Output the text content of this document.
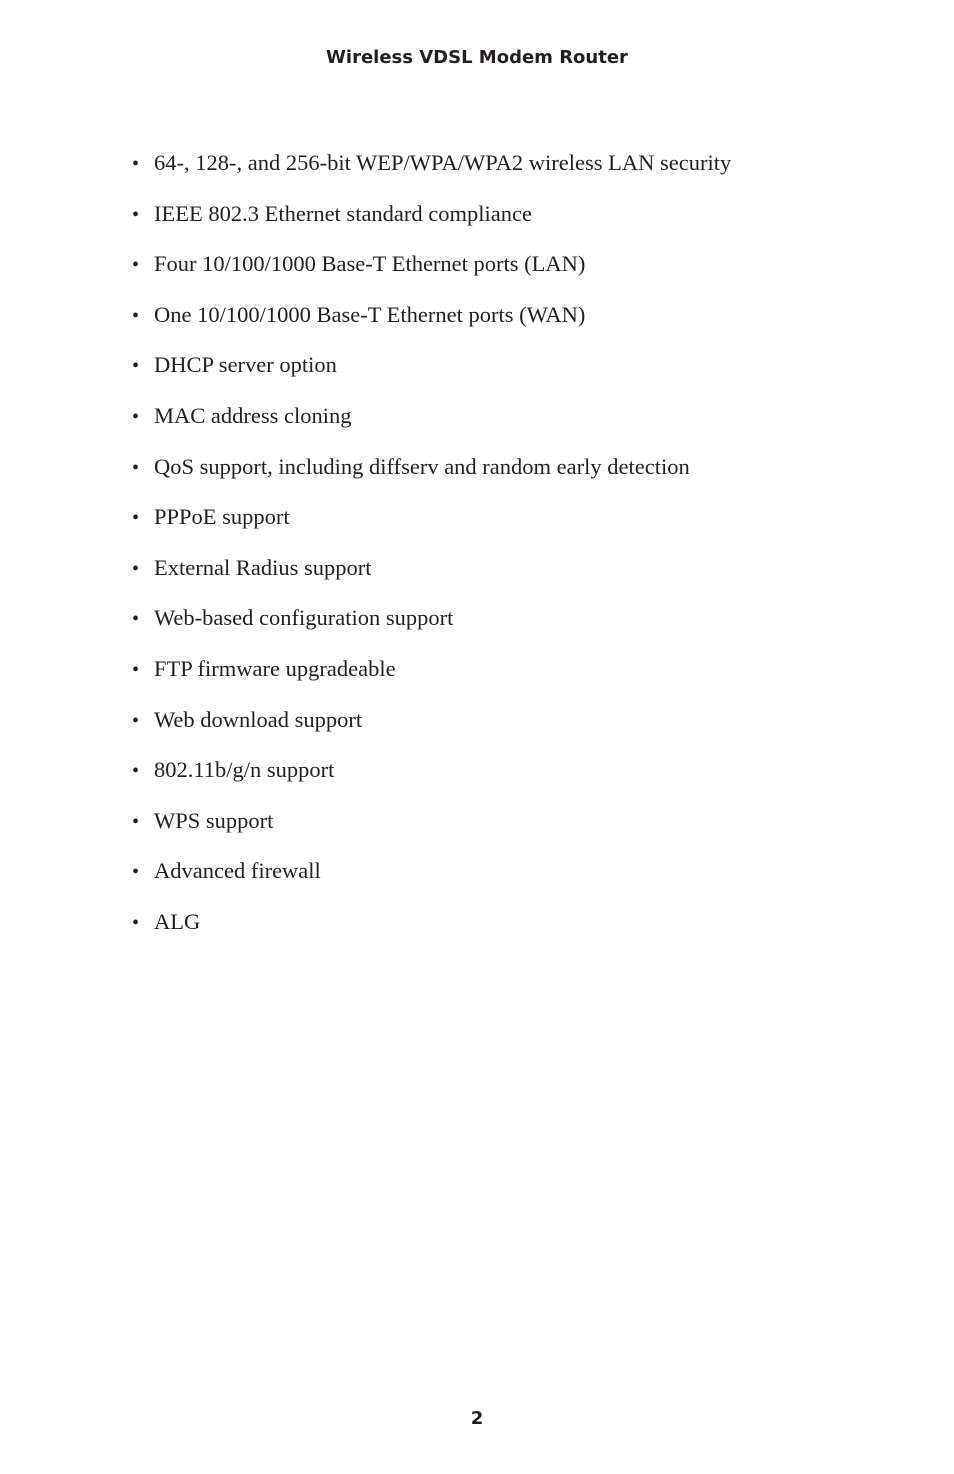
Wireless VDSL Modem Router
• 64-, 128-, and 256-bit WEP/WPA/WPA2 wireless LAN security
• IEEE 802.3 Ethernet standard compliance
• Four 10/100/1000 Base-T Ethernet ports (LAN)
• One 10/100/1000 Base-T Ethernet ports (WAN)
• DHCP server option
• MAC address cloning
• QoS support, including diffserv and random early detection
• PPPoE support
• External Radius support
• Web-based configuration support
• FTP firmware upgradeable
• Web download support
• 802.11b/g/n support
• WPS support
• Advanced firewall
• ALG
2
